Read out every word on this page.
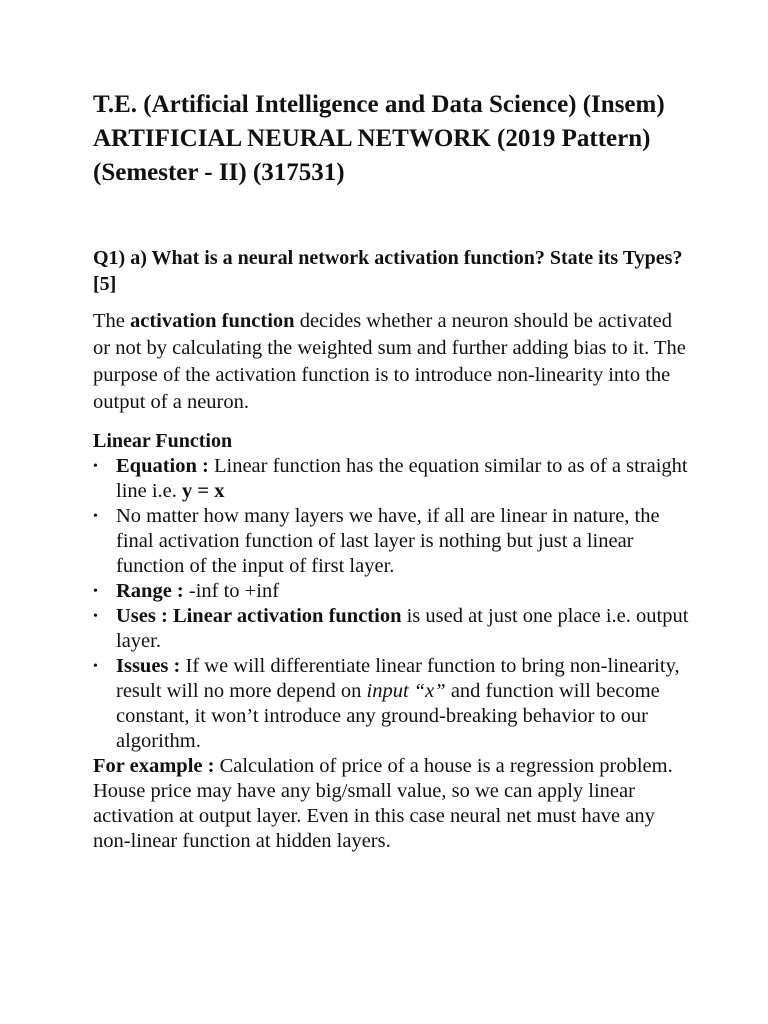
T.E. (Artificial Intelligence and Data Science) (Insem) ARTIFICIAL NEURAL NETWORK (2019 Pattern) (Semester - II) (317531)

Q1) a) What is a neural network activation function? State its Types? [5]

The activation function decides whether a neuron should be activated or not by calculating the weighted sum and further adding bias to it. The purpose of the activation function is to introduce non-linearity into the output of a neuron.

Linear Function

• Equation : Linear function has the equation similar to as of a straight line i.e. y = x
• No matter how many layers we have, if all are linear in nature, the final activation function of last layer is nothing but just a linear function of the input of first layer.
• Range : -inf to +inf
• Uses : Linear activation function is used at just one place i.e. output layer.
• Issues : If we will differentiate linear function to bring non-linearity, result will no more depend on input “x” and function will become constant, it won’t introduce any ground-breaking behavior to our algorithm.

For example : Calculation of price of a house is a regression problem. House price may have any big/small value, so we can apply linear activation at output layer. Even in this case neural net must have any non-linear function at hidden layers.
